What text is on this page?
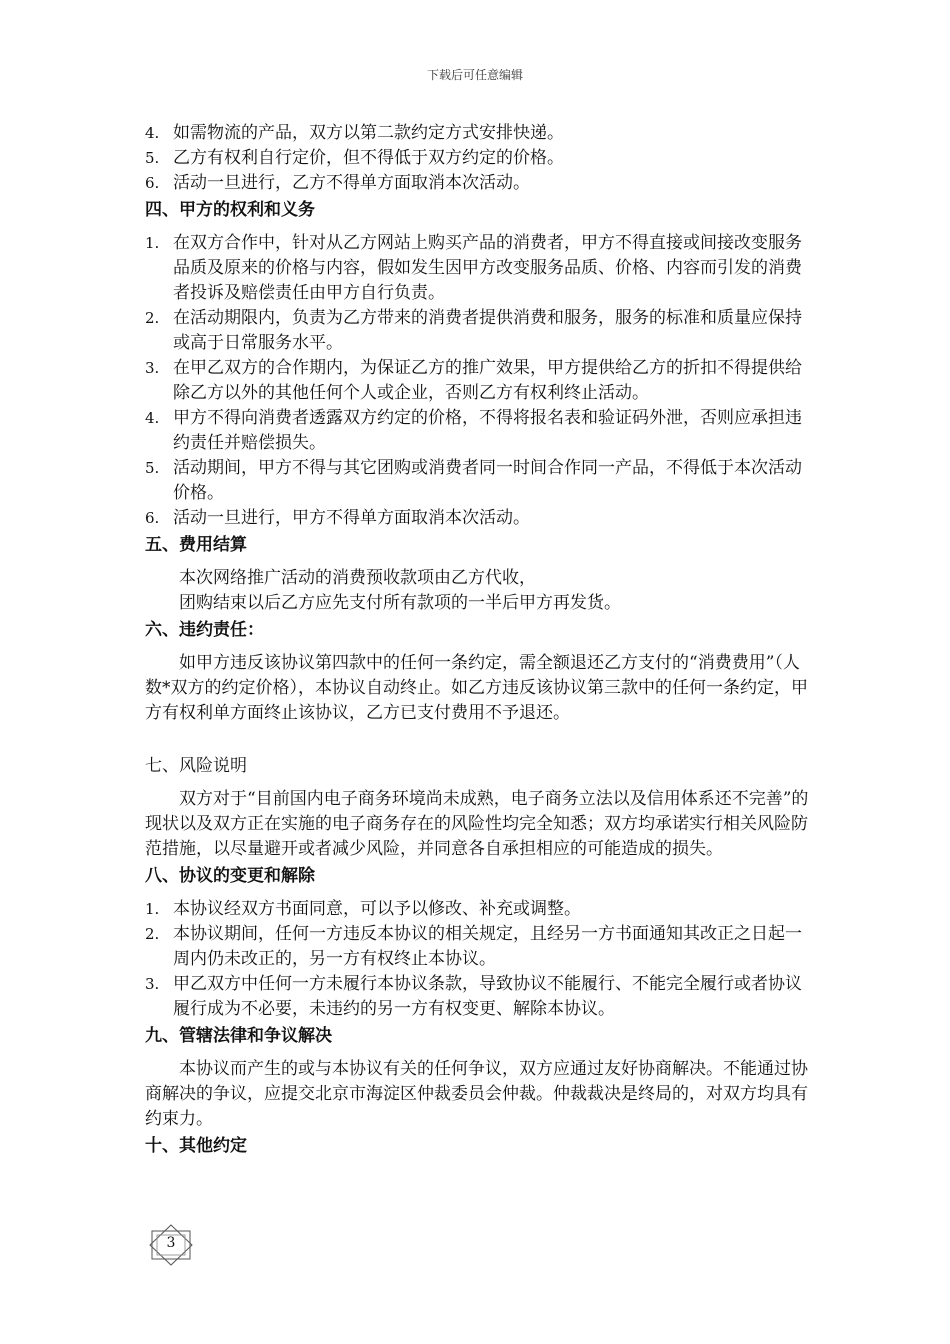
下载后可任意编辑
4. 如需物流的产品，双方以第二款约定方式安排快递。
5. 乙方有权利自行定价，但不得低于双方约定的价格。
6. 活动一旦进行，乙方不得单方面取消本次活动。
四、甲方的权利和义务
1. 在双方合作中，针对从乙方网站上购买产品的消费者，甲方不得直接或间接改变服务品质及原来的价格与内容，假如发生因甲方改变服务品质、价格、内容而引发的消费者投诉及赔偿责任由甲方自行负责。
2. 在活动期限内，负责为乙方带来的消费者提供消费和服务，服务的标准和质量应保持或高于日常服务水平。
3. 在甲乙双方的合作期内，为保证乙方的推广效果，甲方提供给乙方的折扣不得提供给除乙方以外的其他任何个人或企业，否则乙方有权利终止活动。
4. 甲方不得向消费者透露双方约定的价格，不得将报名表和验证码外泄，否则应承担违约责任并赔偿损失。
5. 活动期间，甲方不得与其它团购或消费者同一时间合作同一产品，不得低于本次活动价格。
6. 活动一旦进行，甲方不得单方面取消本次活动。
五、费用结算
本次网络推广活动的消费预收款项由乙方代收，
团购结束以后乙方应先支付所有款项的一半后甲方再发货。
六、违约责任：
如甲方违反该协议第四款中的任何一条约定，需全额退还乙方支付的“消费费用”（人数*双方的约定价格），本协议自动终止。如乙方违反该协议第三款中的任何一条约定，甲方有权利单方面终止该协议，乙方已支付费用不予退还。
七、风险说明
双方对于“目前国内电子商务环境尚未成熟，电子商务立法以及信用体系还不完善”的现状以及双方正在实施的电子商务存在的风险性均完全知悉；双方均承诺实行相关风险防范措施，以尽量避开或者减少风险，并同意各自承担相应的可能造成的损失。
八、协议的变更和解除
1. 本协议经双方书面同意，可以予以修改、补充或调整。
2. 本协议期间，任何一方违反本协议的相关规定，且经另一方书面通知其改正之日起一周内仍未改正的，另一方有权终止本协议。
3. 甲乙双方中任何一方未履行本协议条款，导致协议不能履行、不能完全履行或者协议履行成为不必要，未违约的另一方有权变更、解除本协议。
九、管辖法律和争议解决
本协议而产生的或与本协议有关的任何争议，双方应通过友好协商解决。不能通过协商解决的争议，应提交北京市海淀区仲裁委员会仲裁。仲裁裁决是终局的，对双方均具有约束力。
十、其他约定
3
